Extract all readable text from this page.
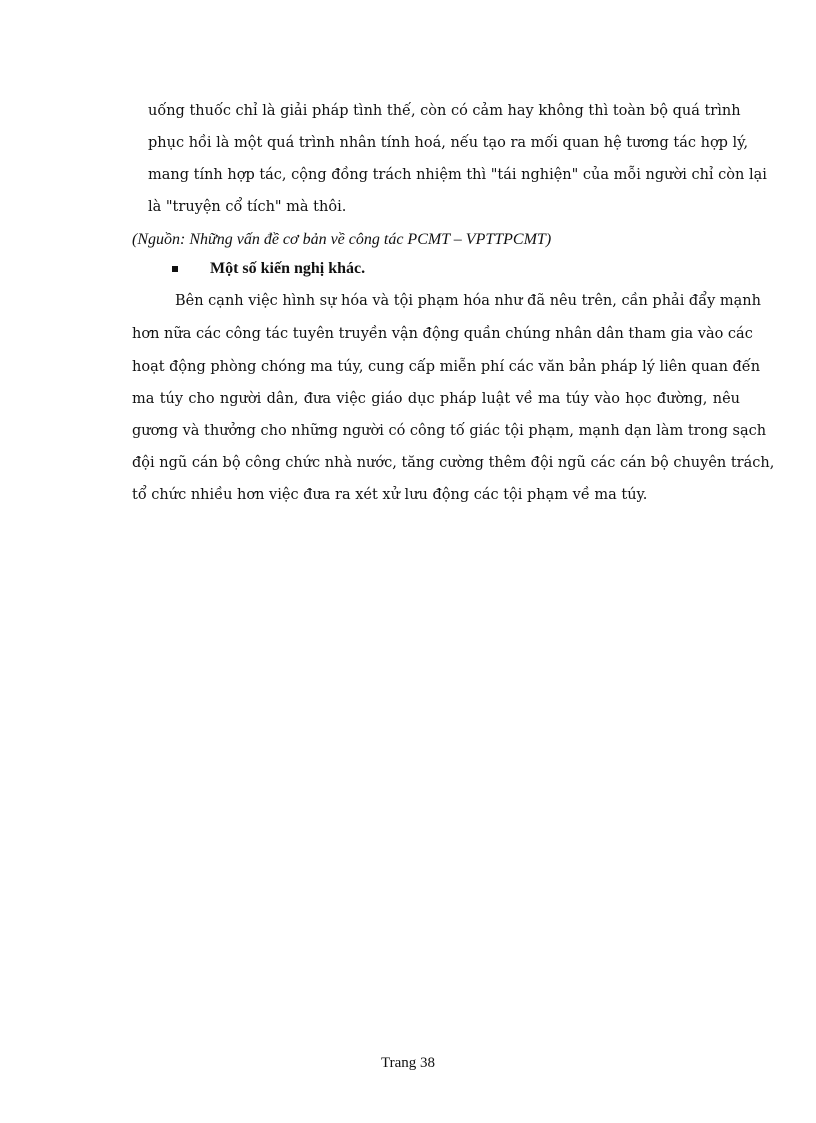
uống thuốc chỉ là giải pháp tình thế, còn có cảm hay không thì toàn bộ quá trình
phục hồi là một quá trình nhân tính hoá, nếu tạo ra mối quan hệ tương tác hợp lý,
mang tính hợp tác, cộng đồng trách nhiệm thì "tái nghiện" của mỗi người chỉ còn lại
là "truyện cổ tích" mà thôi.
(Nguồn: Những vấn đề cơ bản về công tác PCMT – VPTTPCMT)
Một số kiến nghị khác.
Bên cạnh việc hình sự hóa và tội phạm hóa như đã nêu trên, cần phải đẩy mạnh
hơn nữa các công tác tuyên truyền vận động quần chúng nhân dân tham gia vào các
hoạt động phòng chóng ma túy, cung cấp miễn phí các văn bản pháp lý liên quan đến
ma túy cho người dân, đưa việc giáo dục pháp luật về ma túy vào học đường, nêu
gương và thưởng cho những người có công tố giác tội phạm, mạnh dạn làm trong sạch
đội ngũ cán bộ công chức nhà nước, tăng cường thêm đội ngũ các cán bộ chuyên trách,
tổ chức nhiều hơn việc đưa ra xét xử lưu động các tội phạm về ma túy.
Trang 38
